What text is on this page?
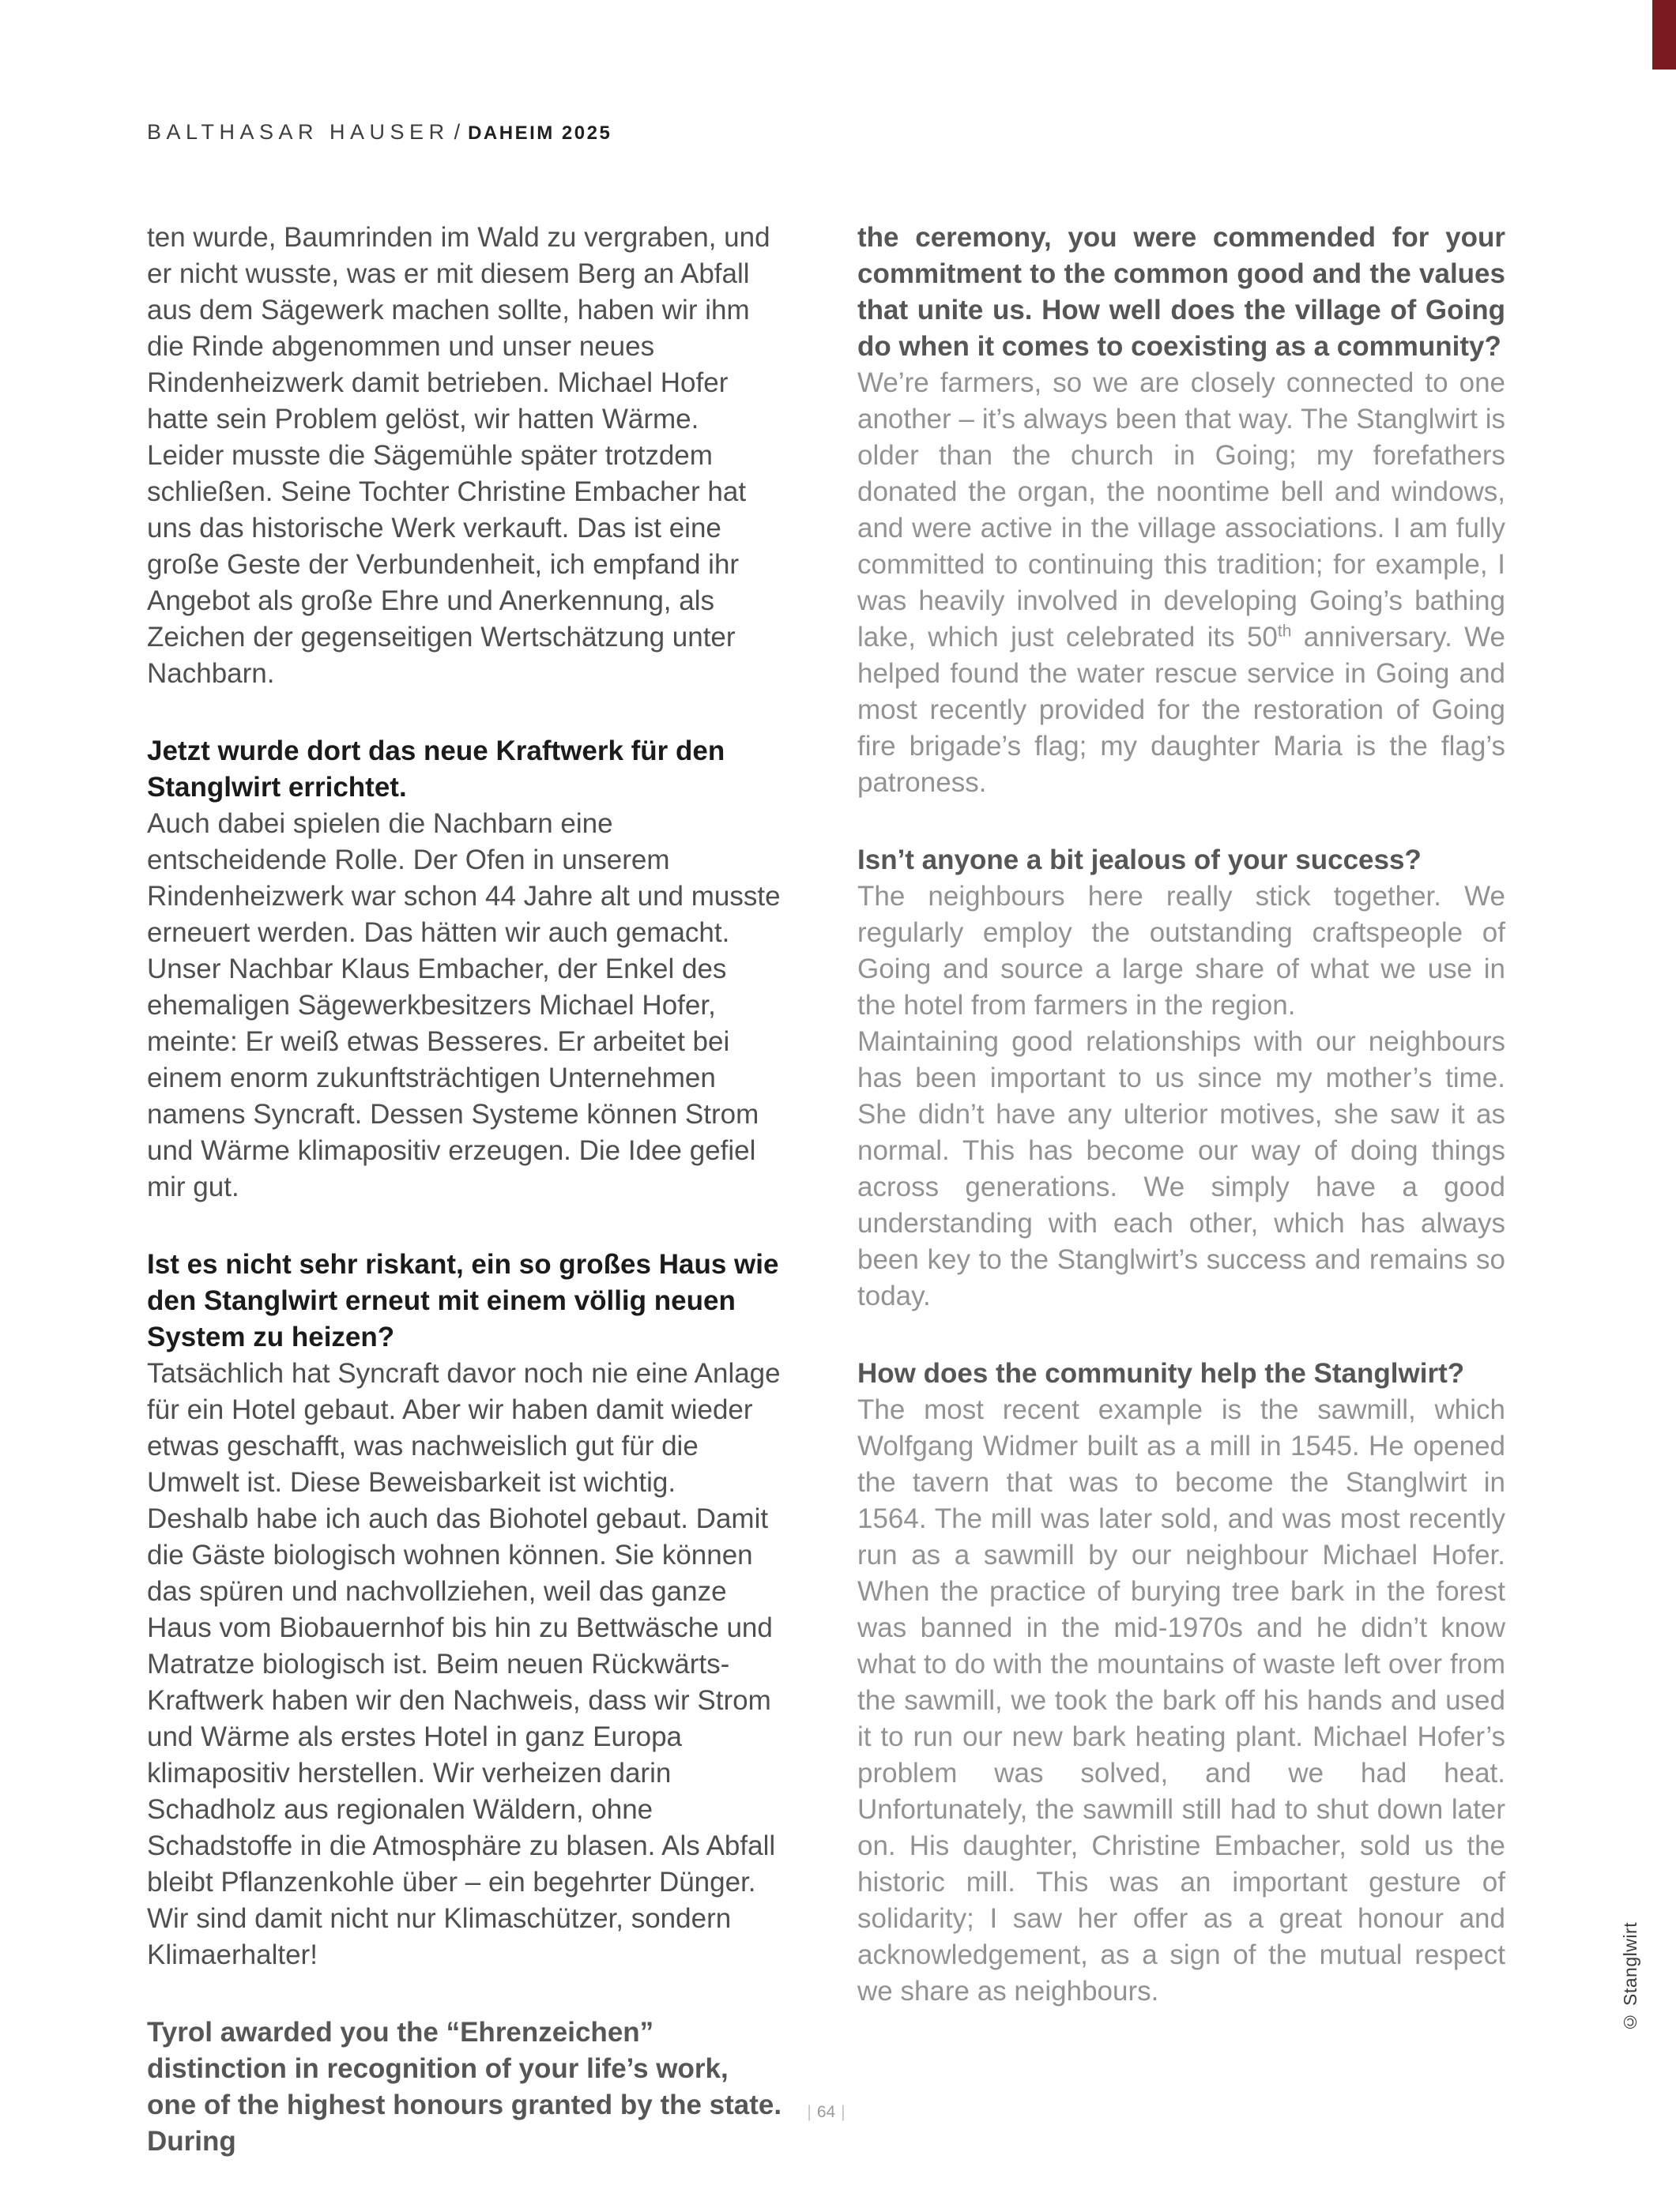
BALTHASAR HAUSER / DAHEIM 2025

ten wurde, Baumrinden im Wald zu vergraben, und er nicht wusste, was er mit diesem Berg an Abfall aus dem Sägewerk machen sollte, haben wir ihm die Rinde abgenommen und unser neues Rindenheizwerk damit betrieben. Michael Hofer hatte sein Problem gelöst, wir hatten Wärme. Leider musste die Sägemühle später trotzdem schließen. Seine Tochter Christine Embacher hat uns das historische Werk verkauft. Das ist eine große Geste der Verbundenheit, ich empfand ihr Angebot als große Ehre und Anerkennung, als Zeichen der gegenseitigen Wertschätzung unter Nachbarn.

Jetzt wurde dort das neue Kraftwerk für den Stanglwirt errichtet.

Auch dabei spielen die Nachbarn eine entscheidende Rolle. Der Ofen in unserem Rindenheizwerk war schon 44 Jahre alt und musste erneuert werden. Das hätten wir auch gemacht. Unser Nachbar Klaus Embacher, der Enkel des ehemaligen Sägewerkbesitzers Michael Hofer, meinte: Er weiß etwas Besseres. Er arbeitet bei einem enorm zukunftsträchtigen Unternehmen namens Syncraft. Dessen Systeme können Strom und Wärme klimapositiv erzeugen. Die Idee gefiel mir gut.

Ist es nicht sehr riskant, ein so großes Haus wie den Stanglwirt erneut mit einem völlig neuen System zu heizen?

Tatsächlich hat Syncraft davor noch nie eine Anlage für ein Hotel gebaut. Aber wir haben damit wieder etwas geschafft, was nachweislich gut für die Umwelt ist. Diese Beweisbarkeit ist wichtig. Deshalb habe ich auch das Biohotel gebaut. Damit die Gäste biologisch wohnen können. Sie können das spüren und nachvollziehen, weil das ganze Haus vom Biobauernhof bis hin zu Bettwäsche und Matratze biologisch ist. Beim neuen Rückwärts-Kraftwerk haben wir den Nachweis, dass wir Strom und Wärme als erstes Hotel in ganz Europa klimapositiv herstellen. Wir verheizen darin Schadholz aus regionalen Wäldern, ohne Schadstoffe in die Atmosphäre zu blasen. Als Abfall bleibt Pflanzenkohle über – ein begehrter Dünger. Wir sind damit nicht nur Klimaschützer, sondern Klimaerhalter!

Tyrol awarded you the “Ehrenzeichen” distinction in recognition of your life’s work, one of the highest honours granted by the state. During

the ceremony, you were commended for your commitment to the common good and the values that unite us. How well does the village of Going do when it comes to coexisting as a community?

We’re farmers, so we are closely connected to one another – it’s always been that way. The Stanglwirt is older than the church in Going; my forefathers donated the organ, the noontime bell and windows, and were active in the village associations. I am fully committed to continuing this tradition; for example, I was heavily involved in developing Going’s bathing lake, which just celebrated its 50th anniversary. We helped found the water rescue service in Going and most recently provided for the restoration of Going fire brigade’s flag; my daughter Maria is the flag’s patroness.

Isn’t anyone a bit jealous of your success?

The neighbours here really stick together. We regularly employ the outstanding craftspeople of Going and source a large share of what we use in the hotel from farmers in the region.

Maintaining good relationships with our neighbours has been important to us since my mother’s time. She didn’t have any ulterior motives, she saw it as normal. This has become our way of doing things across generations. We simply have a good understanding with each other, which has always been key to the Stanglwirt’s success and remains so today.

How does the community help the Stanglwirt?

The most recent example is the sawmill, which Wolfgang Widmer built as a mill in 1545. He opened the tavern that was to become the Stanglwirt in 1564. The mill was later sold, and was most recently run as a sawmill by our neighbour Michael Hofer. When the practice of burying tree bark in the forest was banned in the mid-1970s and he didn’t know what to do with the mountains of waste left over from the sawmill, we took the bark off his hands and used it to run our new bark heating plant. Michael Hofer’s problem was solved, and we had heat. Unfortunately, the sawmill still had to shut down later on. His daughter, Christine Embacher, sold us the historic mill. This was an important gesture of solidarity; I saw her offer as a great honour and acknowledgement, as a sign of the mutual respect we share as neighbours.

| 64 |
© Stanglwirt
